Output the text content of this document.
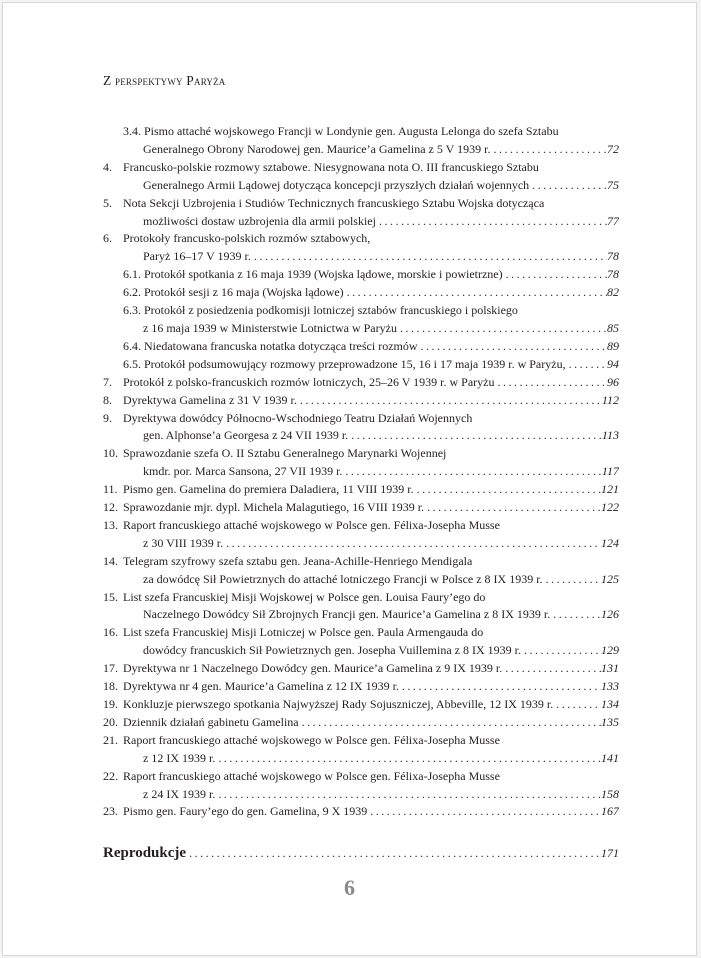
Z perspektywy Paryża
3.4. Pismo attaché wojskowego Francji w Londynie gen. Augusta Lelonga do szefa Sztabu
Generalnego Obrony Narodowej gen. Maurice’a Gamelina z 5 V 1939 r. .....	72
4. Francusko-polskie rozmowy sztabowe. Niesygnowana nota O. III francuskiego Sztabu
Generalnego Armii Lądowej dotycząca koncepcji przyszłych działań wojennych .....	75
5. Nota Sekcji Uzbrojenia i Studiów Technicznych francuskiego Sztabu Wojska dotycząca
możliwości dostaw uzbrojenia dla armii polskiej .....	77
6. Protokoły francusko-polskich rozmów sztabowych,
Paryż 16–17 V 1939 r. .....	78
6.1. Protokół spotkania z 16 maja 1939 (Wojska lądowe, morskie i powietrzne) .....	78
6.2. Protokół sesji z 16 maja (Wojska lądowe) .....	82
6.3. Protokół z posiedzenia podkomisji lotniczej sztabów francuskiego i polskiego
z 16 maja 1939 w Ministerstwie Lotnictwa w Paryżu .....	85
6.4. Niedatowana francuska notatka dotycząca treści rozmów .....	89
6.5. Protokół podsumowujący rozmowy przeprowadzone 15, 16 i 17 maja 1939 r. w Paryżu, .....	94
7. Protokół z polsko-francuskich rozmów lotniczych, 25–26 V 1939 r. w Paryżu .....	96
8. Dyrektywa Gamelina z 31 V 1939 r. .....	112
9. Dyrektywa dowódcy Północno-Wschodniego Teatru Działań Wojennych
gen. Alphonse’a Georgesa z 24 VII 1939 r. .....	113
10. Sprawozdanie szefa O. II Sztabu Generalnego Marynarki Wojennej
kmdr. por. Marca Sansona, 27 VII 1939 r. .....	117
11. Pismo gen. Gamelina do premiera Daladiera, 11 VIII 1939 r. .....	121
12. Sprawozdanie mjr. dypl. Michela Malagutiego, 16 VIII 1939 r. .....	122
13. Raport francuskiego attaché wojskowego w Polsce gen. Félixa-Josepha Musse
z 30 VIII 1939 r. .....	124
14. Telegram szyfrowy szefa sztabu gen. Jeana-Achille-Henriego Mendigala
za dowódcę Sił Powietrznych do attaché lotniczego Francji w Polsce z 8 IX 1939 r. .....	125
15. List szefa Francuskiej Misji Wojskowej w Polsce gen. Louisa Faury’ego do
Naczelnego Dowódcy Sił Zbrojnych Francji gen. Maurice’a Gamelina z 8 IX 1939 r. .....	126
16. List szefa Francuskiej Misji Lotniczej w Polsce gen. Paula Armengauda do
dowódcy francuskich Sił Powietrznych gen. Josepha Vuillemina z 8 IX 1939 r. .....	129
17. Dyrektywa nr 1 Naczelnego Dowódcy gen. Maurice’a Gamelina z 9 IX 1939 r. .....	131
18. Dyrektywa nr 4 gen. Maurice’a Gamelina z 12 IX 1939 r. .....	133
19. Konkluzje pierwszego spotkania Najwyższej Rady Sojuszniczej, Abbeville, 12 IX 1939 r. .....	134
20. Dziennik działań gabinetu Gamelina .....	135
21. Raport francuskiego attaché wojskowego w Polsce gen. Félixa-Josepha Musse
z 12 IX 1939 r. .....	141
22. Raport francuskiego attaché wojskowego w Polsce gen. Félixa-Josepha Musse
z 24 IX 1939 r. .....	158
23. Pismo gen. Faury’ego do gen. Gamelina, 9 X 1939 .....	167
Reprodukcje .....	171
6
